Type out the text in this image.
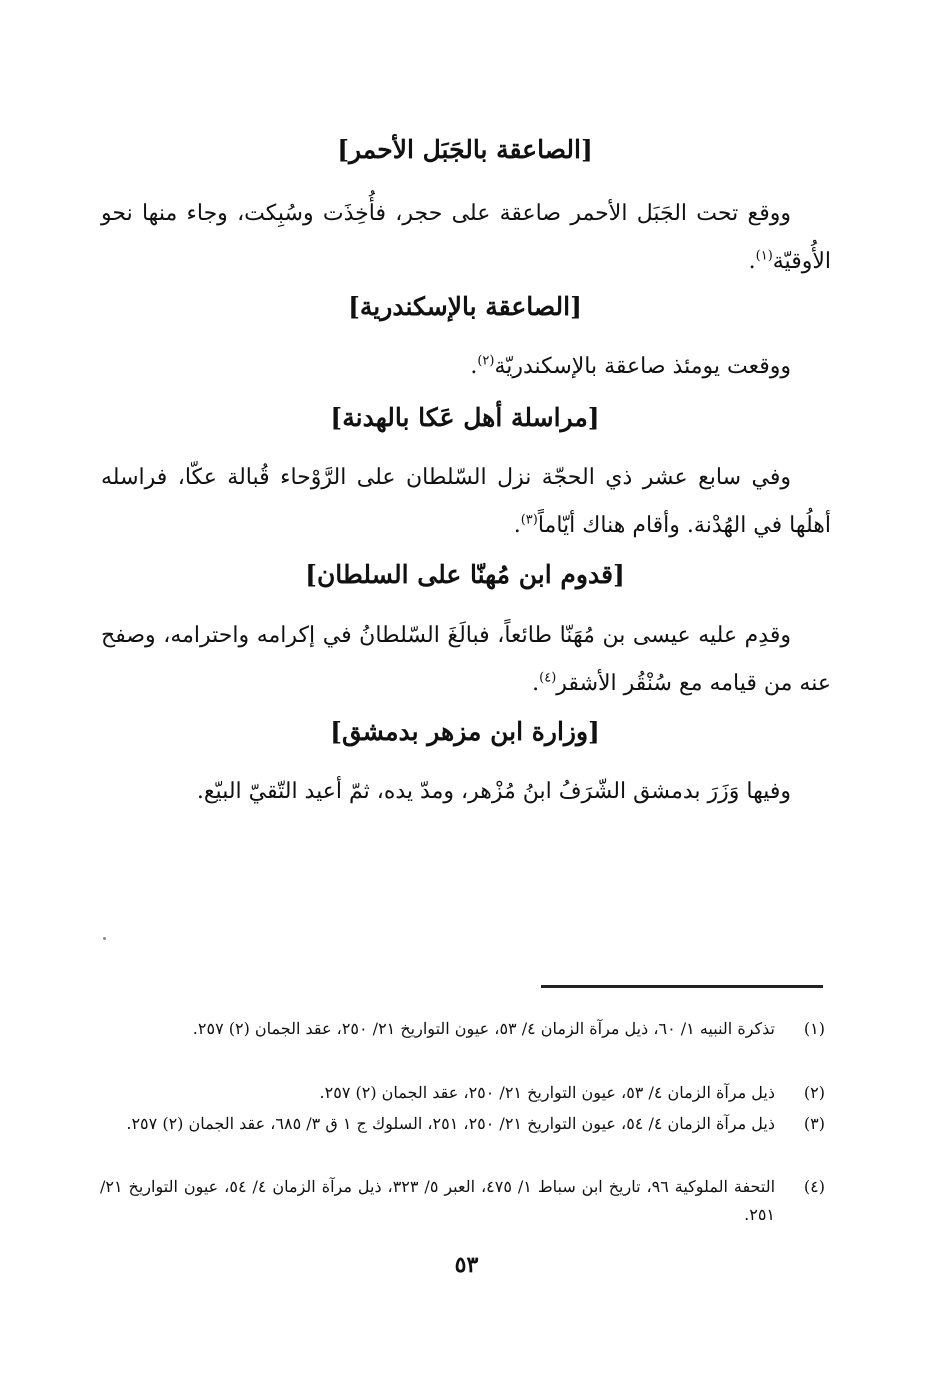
[الصاعقة بالجَبَل الأحمر]
ووقع تحت الجَبَل الأحمر صاعقة على حجر، فأُخِذَت وسُبِكت، وجاء منها نحو الأُوقيّة$^{(١)}$.
[الصاعقة بالإسكندرية]
ووقعت يومئذ صاعقة بالإسكندريّة$^{(٢)}$.
[مراسلة أهل عَكا بالهدنة]
وفي سابع عشر ذي الحجّة نزل السّلطان على الرَّوْحاء قُبالة عكّا، فراسله أهلُها في الهُدْنة. وأقام هناك أيّاماً$^{(٣)}$.
[قدوم ابن مُهنّا على السلطان]
وقدِم عليه عيسى بن مُهَنّا طائعاً، فبالَغَ السّلطانُ في إكرامه واحترامه، وصفح عنه من قيامه مع سُنْقُر الأشقر$^{(٤)}$.
[وزارة ابن مزهر بدمشق]
وفيها وَزَرَ بدمشق الشّرَفُ ابنُ مُزْهر، ومدّ يده، ثمّ أعيد التّقيّ البيّع.
(١)
تذكرة النبيه ١/ ٦٠، ذيل مرآة الزمان ٤/ ٥٣، عيون التواريخ ٢١/ ٢٥٠، عقد الجمان (٢) ٢٥٧.
(٢)
ذيل مرآة الزمان ٤/ ٥٣، عيون التواريخ ٢١/ ٢٥٠، عقد الجمان (٢) ٢٥٧.
(٣)
ذيل مرآة الزمان ٤/ ٥٤، عيون التواريخ ٢١/ ٢٥٠، ٢٥١، السلوك ج ١ ق ٣/ ٦٨٥، عقد الجمان (٢) ٢٥٧.
(٤)
التحفة الملوكية ٩٦، تاريخ ابن سباط ١/ ٤٧٥، العبر ٥/ ٣٢٣، ذيل مرآة الزمان ٤/ ٥٤، عيون التواريخ ٢١/ ٢٥١.
٥٣
